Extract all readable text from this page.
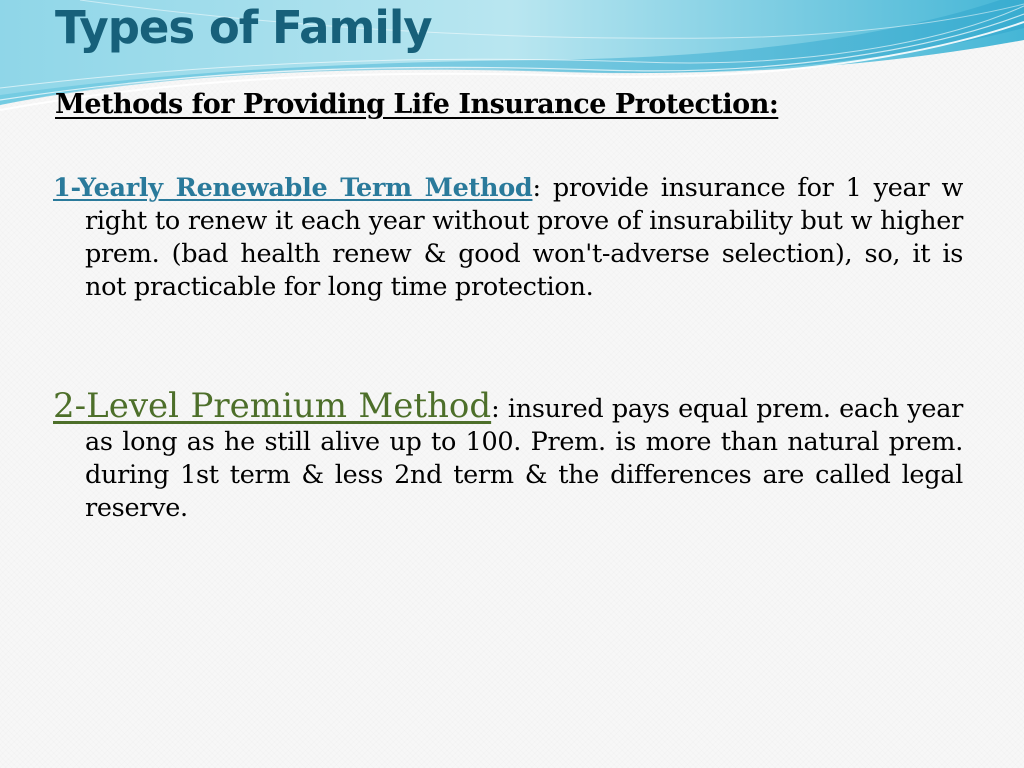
Types of Family
Methods for Providing Life Insurance Protection:

1-Yearly Renewable Term Method: provide insurance for 1 year w right to renew it each year without prove of insurability but w higher prem. (bad health renew & good won't-adverse selection), so, it is not practicable for long time protection.

2-Level Premium Method: insured pays equal prem. each year as long as he still alive up to 100. Prem. is more than natural prem. during 1st term & less 2nd term & the differences are called legal reserve.
